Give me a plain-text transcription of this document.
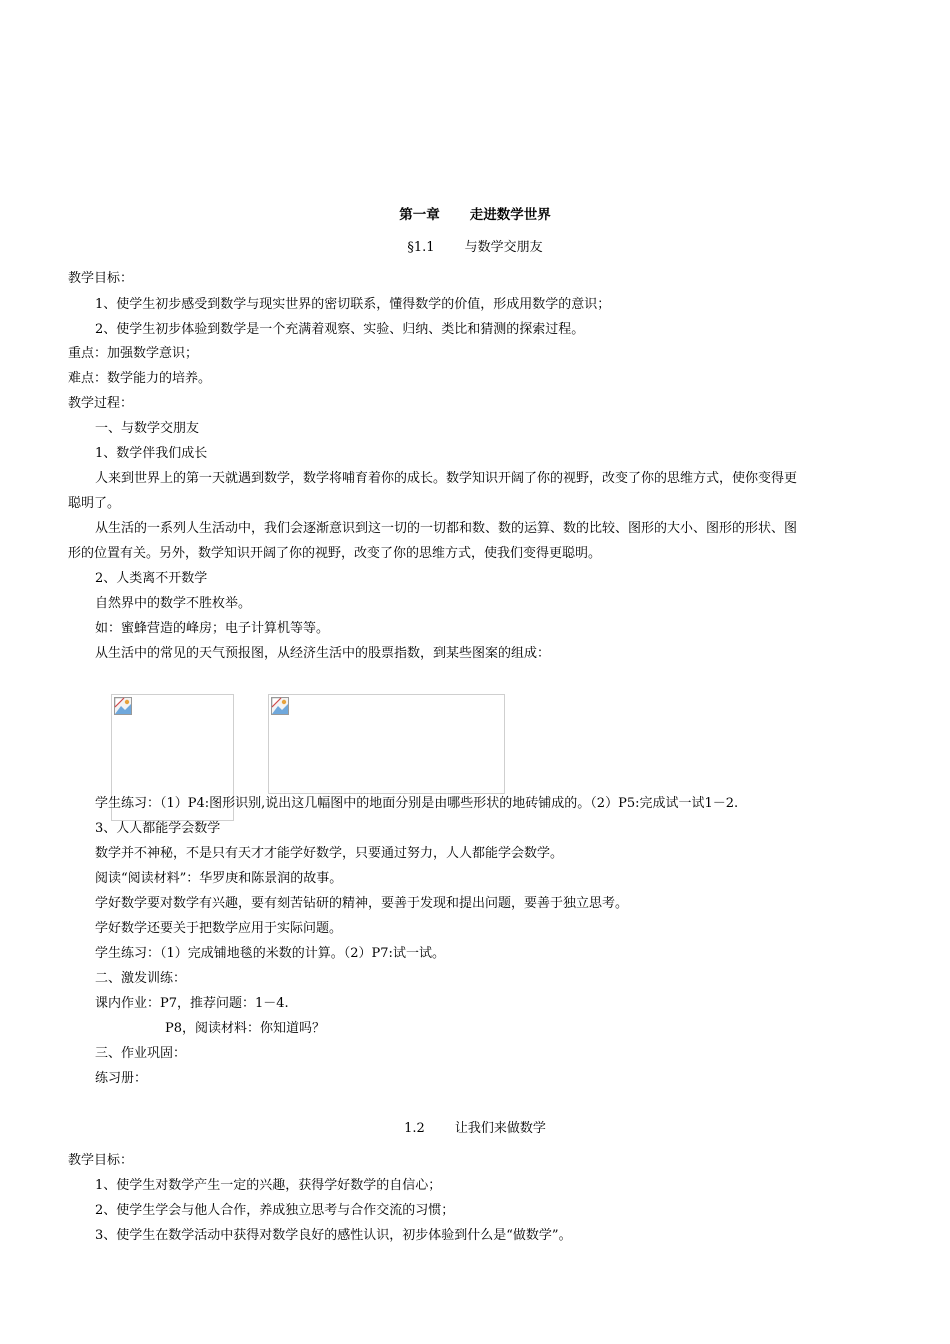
第一章 走进数学世界
§1.1 与数学交朋友
教学目标：
1、使学生初步感受到数学与现实世界的密切联系，懂得数学的价值，形成用数学的意识；
2、使学生初步体验到数学是一个充满着观察、实验、归纳、类比和猜测的探索过程。
重点：加强数学意识；
难点：数学能力的培养。
教学过程：
一、与数学交朋友
1、数学伴我们成长
人来到世界上的第一天就遇到数学，数学将哺育着你的成长。数学知识开阔了你的视野，改变了你的思维方式，使你变得更
聪明了。
从生活的一系列人生活动中，我们会逐渐意识到这一切的一切都和数、数的运算、数的比较、图形的大小、图形的形状、图
形的位置有关。另外，数学知识开阔了你的视野，改变了你的思维方式，使我们变得更聪明。
2、人类离不开数学
自然界中的数学不胜枚举。
如：蜜蜂营造的峰房；电子计算机等等。
从生活中的常见的天气预报图，从经济生活中的股票指数，到某些图案的组成：
学生练习：（1）P4:图形识别,说出这几幅图中的地面分别是由哪些形状的地砖铺成的。（2）P5:完成试一试1－2.
3、人人都能学会数学
数学并不神秘，不是只有天才才能学好数学，只要通过努力，人人都能学会数学。
阅读“阅读材料”：华罗庚和陈景润的故事。
学好数学要对数学有兴趣，要有刻苦钻研的精神，要善于发现和提出问题，要善于独立思考。
学好数学还要关于把数学应用于实际问题。
学生练习：（1）完成铺地毯的米数的计算。（2）P7:试一试。
二、激发训练：
课内作业：P7，推荐问题：1－4.
P8，阅读材料：你知道吗？
三、作业巩固：
练习册：
1.2 让我们来做数学
教学目标：
1、使学生对数学产生一定的兴趣，获得学好数学的自信心；
2、使学生学会与他人合作，养成独立思考与合作交流的习惯；
3、使学生在数学活动中获得对数学良好的感性认识，初步体验到什么是“做数学”。
